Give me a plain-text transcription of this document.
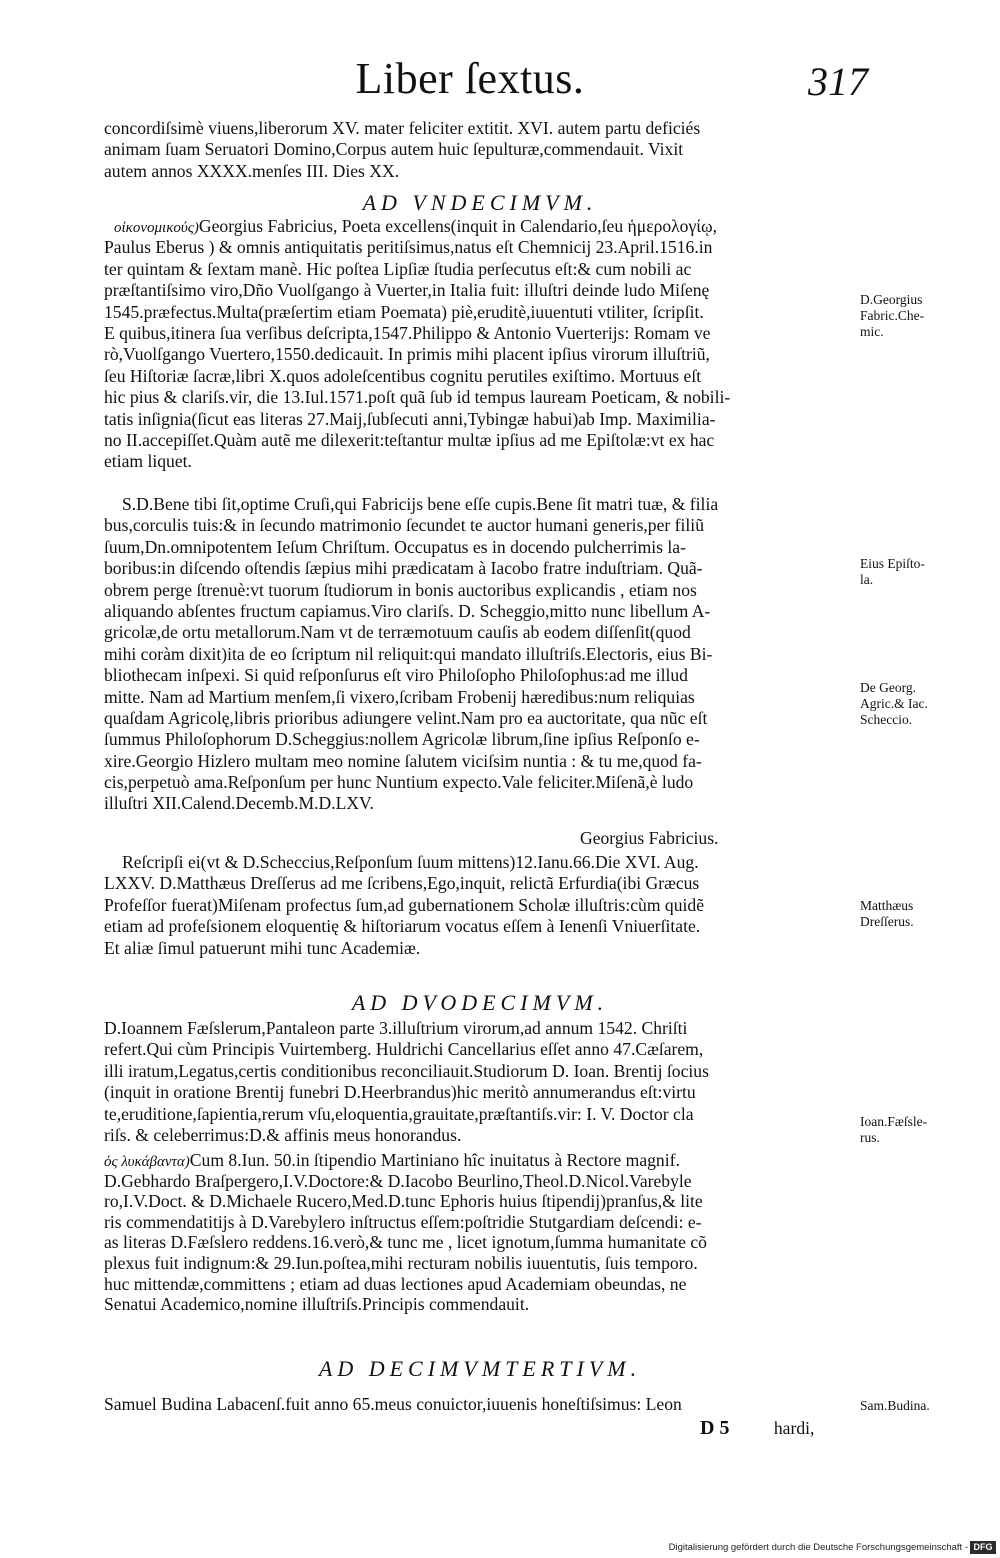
Liber ſextus.	317
concordiſsimè viuens,liberorum XV. mater feliciter extitit. XVI. autem partu deficiés
animam ſuam Seruatori Domino,Corpus autem huic ſepulturæ,commendauit. Vixit
autem annos XXXX.menſes III. Dies XX.
AD VNDECIMVM.
οἰκονομικούς)Georgius Fabricius, Poeta excellens(inquit in Calendario,ſeu ἡμερολογίῳ,
Paulus Eberus ) & omnis antiquitatis peritiſsimus,natus eſt Chemnicij 23.April.1516.in
ter quintam & ſextam manè. Hic poſtea Lipſiæ ſtudia perſecutus eſt:& cum nobili ac
præſtantiſsimo viro,Dño Vuolſgango à Vuerter,in Italia fuit: illuſtri deinde ludo Miſenę
1545.præfectus.Multa(præſertim etiam Poemata) piè,eruditè,iuuentuti vtiliter, ſcripſit.
E quibus,itinera ſua verſibus deſcripta,1547.Philippo & Antonio Vuerterijs: Romam ve
rò,Vuolſgango Vuertero,1550.dedicauit. In primis mihi placent ipſius virorum illuſtriũ,
ſeu Hiſtoriæ ſacræ,libri X.quos adoleſcentibus cognitu perutiles exiſtimo. Mortuus eſt
hic pius & clariſs.vir, die 13.Iul.1571.poſt quã ſub id tempus lauream Poeticam, & nobili-
tatis inſignia(ſicut eas literas 27.Maij,ſubſecuti anni,Tybingæ habui)ab Imp. Maximilia-
no II.accepiſſet.Quàm autẽ me dilexerit:teſtantur multæ ipſius ad me Epiſtolæ:vt ex hac
etiam liquet.
S.D.Bene tibi ſit,optime Cruſi,qui Fabricijs bene eſſe cupis.Bene ſit matri tuæ, & filia
bus,corculis tuis:& in ſecundo matrimonio ſecundet te auctor humani generis,per filiũ
ſuum,Dn.omnipotentem Ieſum Chriſtum. Occupatus es in docendo pulcherrimis la-
boribus:in diſcendo oſtendis ſæpius mihi prædicatam à Iacobo fratre induſtriam. Quã-
obrem perge ſtrenuè:vt tuorum ſtudiorum in bonis auctoribus explicandis , etiam nos
aliquando abſentes fructum capiamus.Viro clariſs. D. Scheggio,mitto nunc libellum A-
gricolæ,de ortu metallorum.Nam vt de terræmotuum cauſis ab eodem diſſenſit(quod
mihi coràm dixit)ita de eo ſcriptum nil reliquit:qui mandato illuſtriſs.Electoris, eius Bi-
bliothecam inſpexi. Si quid reſponſurus eſt viro Philoſopho Philoſophus:ad me illud
mitte. Nam ad Martium menſem,ſi vixero,ſcribam Frobenij hæredibus:num reliquias
quaſdam Agricolę,libris prioribus adiungere velint.Nam pro ea auctoritate, qua nũc eſt
ſummus Philoſophorum D.Scheggius:nollem Agricolæ librum,ſine ipſius Reſponſo e-
xire.Georgio Hizlero multam meo nomine ſalutem viciſsim nuntia : & tu me,quod fa-
cis,perpetuò ama.Reſponſum per hunc Nuntium expecto.Vale feliciter.Miſenã,è ludo
illuſtri XII.Calend.Decemb.M.D.LXV.
Georgius Fabricius.
Reſcripſi ei(vt & D.Scheccius,Reſponſum ſuum mittens)12.Ianu.66.Die XVI. Aug.
LXXV. D.Matthæus Dreſſerus ad me ſcribens,Ego,inquit, relictã Erfurdia(ibi Græcus
Profeſſor fuerat)Miſenam profectus ſum,ad gubernationem Scholæ illuſtris:cùm quidẽ
etiam ad profeſsionem eloquentię & hiſtoriarum vocatus eſſem à Ienenſi Vniuerſitate.
Et aliæ ſimul patuerunt mihi tunc Academiæ.
AD DVODECIMVM.
D.Ioannem Fæſslerum,Pantaleon parte 3.illuſtrium virorum,ad annum 1542. Chriſti
refert.Qui cùm Principis Vuirtemberg. Huldrichi Cancellarius eſſet anno 47.Cæſarem,
illi iratum,Legatus,certis conditionibus reconciliauit.Studiorum D. Ioan. Brentij ſocius
(inquit in oratione Brentij funebri D.Heerbrandus)hic meritò annumerandus eſt:virtu
te,eruditione,ſapientia,rerum vſu,eloquentia,grauitate,præſtantiſs.vir: I. V. Doctor cla
riſs. & celeberrimus:D.& affinis meus honorandus.
ὁς λυκάβαντα)Cum 8.Iun. 50.in ſtipendio Martiniano hîc inuitatus à Rectore magnif.
D.Gebhardo Braſpergero,I.V.Doctore:& D.Iacobo Beurlino,Theol.D.Nicol.Varebyle
ro,I.V.Doct. & D.Michaele Rucero,Med.D.tunc Ephoris huius ſtipendij)pranſus,& lite
ris commendatitijs à D.Varebylero inſtructus eſſem:poſtridie Stutgardiam deſcendi: e-
as literas D.Fæſslero reddens.16.verò,& tunc me , licet ignotum,ſumma humanitate cõ
plexus fuit indignum:& 29.Iun.poſtea,mihi recturam nobilis iuuentutis, ſuis temporo.
huc mittendæ,committens ; etiam ad duas lectiones apud Academiam obeundas, ne
Senatui Academico,nomine illuſtriſs.Principis commendauit.
AD DECIMVMTERTIVM.
Samuel Budina Labacenſ.fuit anno 65.meus conuictor,iuuenis honeſtiſsimus: Leon
D 5	hardi,
D.Georgius
Fabric.Che-
mic.
Eius Epiſto-
la.
De Georg.
Agric.& Iac.
Scheccio.
Matthæus
Dreſſerus.
Ioan.Fæſsle-
rus.
Sam.Budina.
Digitalisierung gefördert durch die Deutsche Forschungsgemeinschaft - DFG
